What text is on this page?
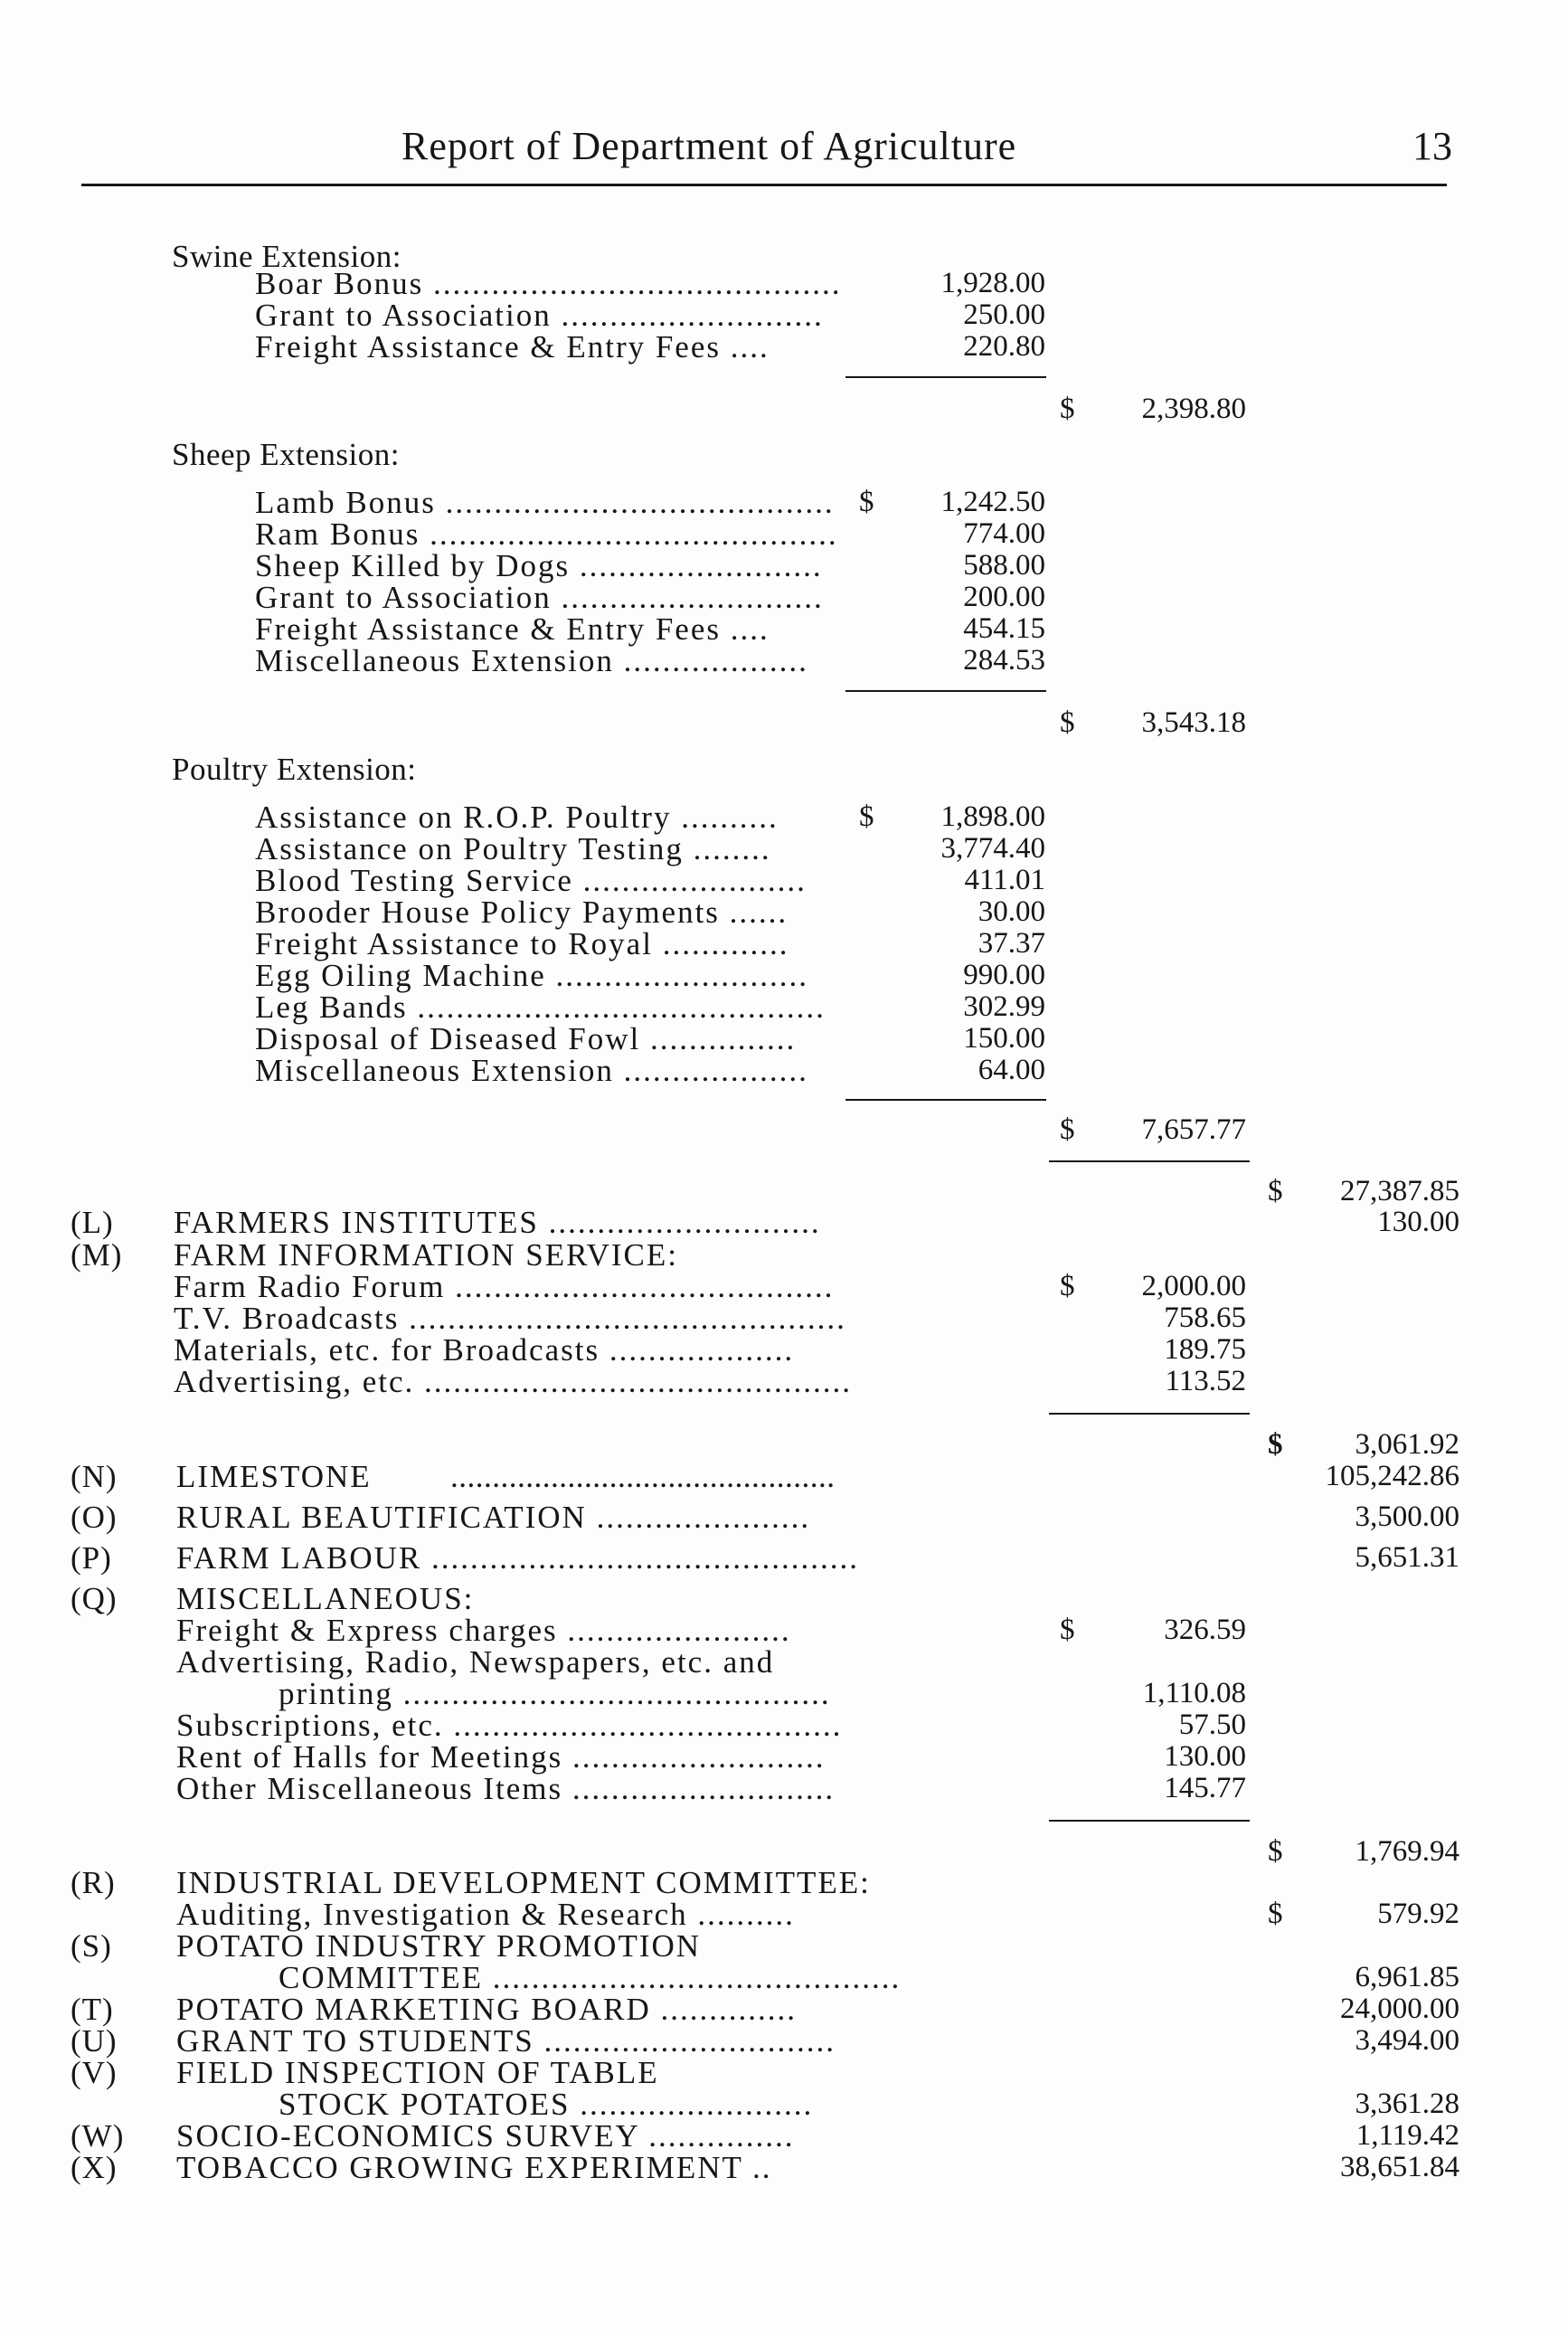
Report of Department of Agriculture	13
Swine Extension:
Boar Bonus ..........................................	1,928.00
Grant to Association ...........................	250.00
Freight Assistance & Entry Fees ....	220.80
$	2,398.80
Sheep Extension:
Lamb Bonus ........................................ $	1,242.50
Ram Bonus ..........................................	774.00
Sheep Killed by Dogs .........................	588.00
Grant to Association ...........................	200.00
Freight Assistance & Entry Fees ....	454.15
Miscellaneous Extension ...................	284.53
$	3,543.18
Poultry Extension:
Assistance on R.O.P. Poultry ..........	$	1,898.00
Assistance on Poultry Testing ........	3,774.40
Blood Testing Service .......................	411.01
Brooder House Policy Payments ......	30.00
Freight Assistance to Royal .............	37.37
Egg Oiling Machine ..........................	990.00
Leg Bands ..........................................	302.99
Disposal of Diseased Fowl ...............	150.00
Miscellaneous Extension ...................	64.00
$	7,657.77
$	27,387.85
(L) FARMERS INSTITUTES ............................	130.00
(M) FARM INFORMATION SERVICE:
Farm Radio Forum .......................................	$	2,000.00
T.V. Broadcasts .............................................	758.65
Materials, etc. for Broadcasts ...................	189.75
Advertising, etc. ............................................	113.52
$	3,061.92
(N) LIMESTONE ..............................................	105,242.86
(O) RURAL BEAUTIFICATION ......................	3,500.00
(P) FARM LABOUR ............................................	5,651.31
(Q) MISCELLANEOUS:
Freight & Express charges .......................	$	326.59
Advertising, Radio, Newspapers, etc. and
printing ............................................	1,110.08
Subscriptions, etc. ........................................	57.50
Rent of Halls for Meetings ..........................	130.00
Other Miscellaneous Items ...........................	145.77
$	1,769.94
(R) INDUSTRIAL DEVELOPMENT COMMITTEE:
Auditing, Investigation & Research ..........	$	579.92
(S) POTATO INDUSTRY PROMOTION
COMMITTEE ..........................................	6,961.85
(T) POTATO MARKETING BOARD ..............	24,000.00
(U) GRANT TO STUDENTS ..............................	3,494.00
(V) FIELD INSPECTION OF TABLE
STOCK POTATOES ........................	3,361.28
(W) SOCIO-ECONOMICS SURVEY ...............	1,119.42
(X) TOBACCO GROWING EXPERIMENT ..	38,651.84
